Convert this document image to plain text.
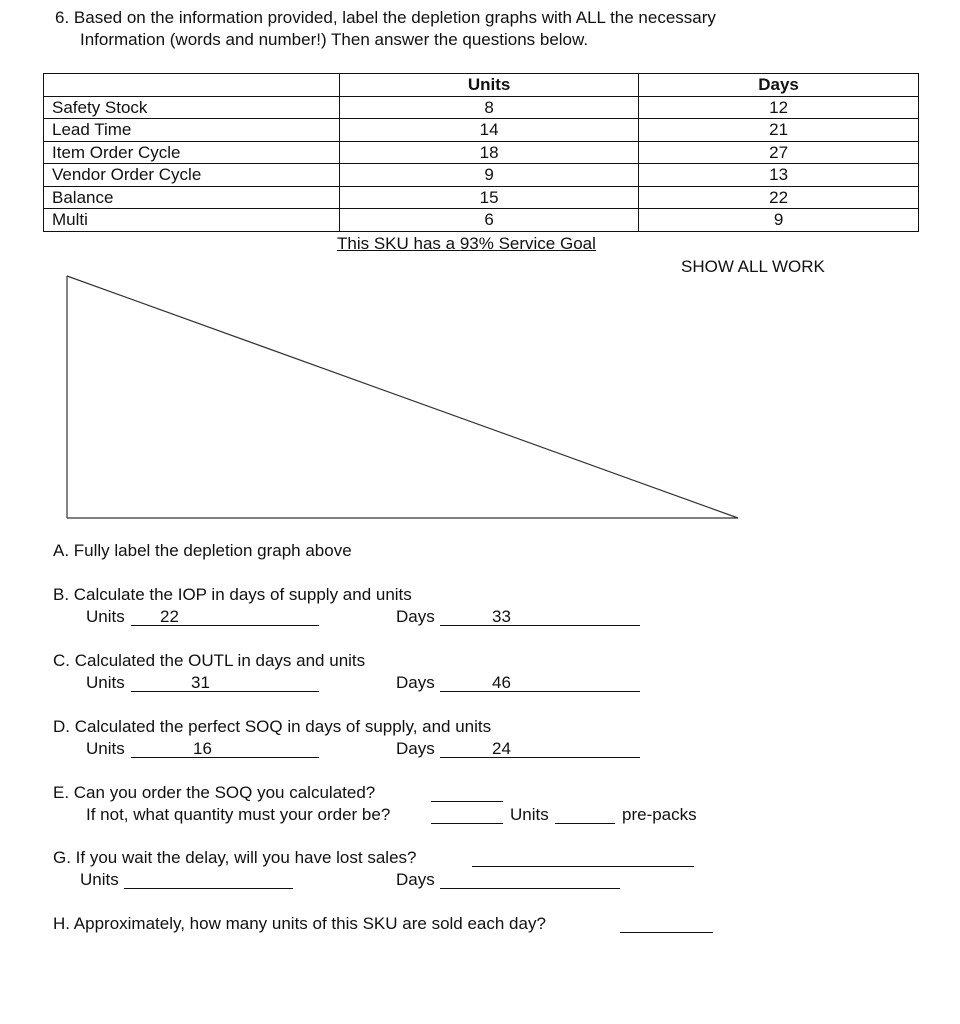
6. Based on the information provided, label the depletion graphs with ALL the necessary
Information (words and number!) Then answer the questions below.
	Units	Days
Safety Stock	8	12
Lead Time	14	21
Item Order Cycle	18	27
Vendor Order Cycle	9	13
Balance	15	22
Multi	6	9
This SKU has a 93% Service Goal
SHOW ALL WORK
A. Fully label the depletion graph above
B. Calculate the IOP in days of supply and units
Units 22	Days	33
C. Calculated the OUTL in days and units
Units	31	Days	46
D. Calculated the perfect SOQ in days of supply, and units
Units	16	Days	24
E. Can you order the SOQ you calculated?
If not, what quantity must your order be?	Units	pre-packs
G. If you wait the delay, will you have lost sales?
Units	Days
H. Approximately, how many units of this SKU are sold each day?
